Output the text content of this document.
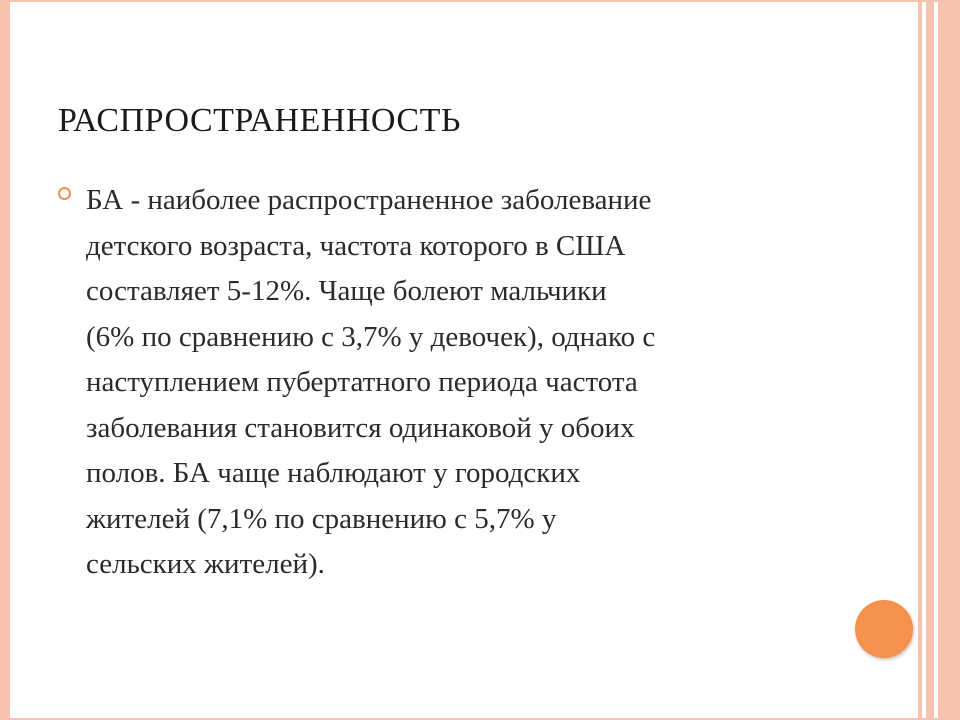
РАСПРОСТРАНЕННОСТЬ
БА - наиболее распространенное заболевание
детского возраста, частота которого в США
составляет 5-12%. Чаще болеют мальчики
(6% по сравнению с 3,7% у девочек), однако с
наступлением пубертатного периода частота
заболевания становится одинаковой у обоих
полов. БА чаще наблюдают у городских
жителей (7,1% по сравнению с 5,7% у
сельских жителей).
